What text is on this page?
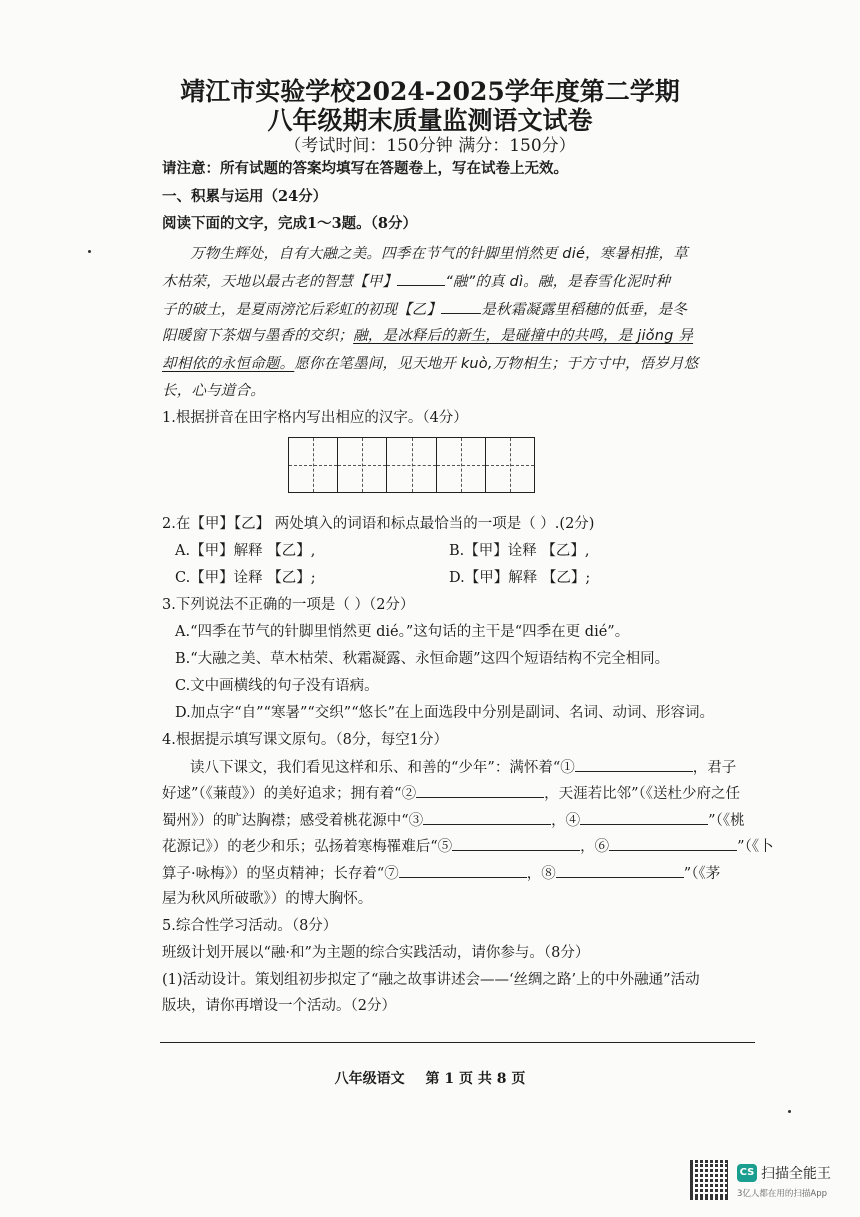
靖江市实验学校2024-2025学年度第二学期
八年级期末质量监测语文试卷
（考试时间：150分钟 满分：150分）
请注意：所有试题的答案均填写在答题卷上，写在试卷上无效。
一、积累与运用（24分）
阅读下面的文字，完成1～3题。（8分）
万物生辉处，自有大融之美。四季在节气的针脚里悄然更 dié，寒暑相推，草
木枯荣，天地以最古老的智慧【甲】	“融”的真 dì。融，是春雪化泥时种
子的破土，是夏雨滂沱后彩虹的初现【乙】	是秋霜凝露里稻穗的低垂，是冬
阳暖窗下茶烟与墨香的交织；融，是冰释后的新生，是碰撞中的共鸣，是 jiǒng 异
却相依的永恒命题。愿你在笔墨间，见天地开 kuò,万物相生；于方寸中，悟岁月悠
长，心与道合。
1.根据拼音在田字格内写出相应的汉字。（4分）
2.在【甲】【乙】 两处填入的词语和标点最恰当的一项是（ ）.(2分)
A.【甲】解释 【乙】,	B.【甲】诠释 【乙】,
C.【甲】诠释 【乙】;	D.【甲】解释 【乙】;
3.下列说法不正确的一项是（ ）（2分）
A.“四季在节气的针脚里悄然更 dié。”这句话的主干是“四季在更 dié”。
B.“大融之美、草木枯荣、秋霜凝露、永恒命题”这四个短语结构不完全相同。
C.文中画横线的句子没有语病。
D.加点字“自”“寒暑”“交织”“悠长”在上面选段中分别是副词、名词、动词、形容词。
4.根据提示填写课文原句。（8分，每空1分）
读八下课文，我们看见这样和乐、和善的“少年”：满怀着“①	，君子
好逑”（《蒹葭》）的美好追求；拥有着“②	，天涯若比邻”（《送杜少府之任
蜀州》）的旷达胸襟；感受着桃花源中“③	，④	”（《桃
花源记》）的老少和乐；弘扬着寒梅罹难后“⑤	，⑥	”（《卜
算子·咏梅》）的坚贞精神；长存着“⑦	，⑧	”（《茅
屋为秋风所破歌》）的博大胸怀。
5.综合性学习活动。（8分）
班级计划开展以“融·和”为主题的综合实践活动，请你参与。（8分）
(1)活动设计。策划组初步拟定了“融之故事讲述会——‘丝绸之路’上的中外融通”活动
版块，请你再增设一个活动。（2分）
八年级语文 第 1 页 共 8 页
CS 扫描全能王
3亿人都在用的扫描App
